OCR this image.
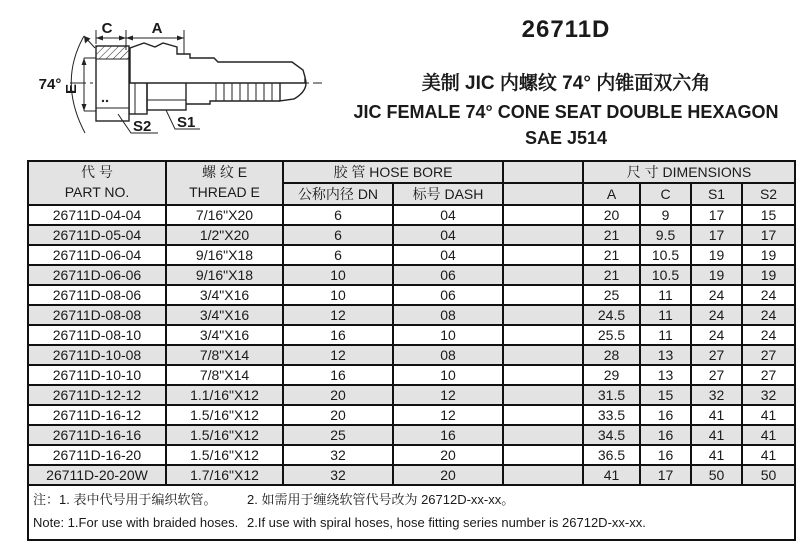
C	A
E
74°
S2 S1
26711D
美制 JIC 内螺纹 74° 内锥面双六角
JIC FEMALE 74° CONE SEAT DOUBLE HEXAGON
SAE J514
代 号
PART NO.

螺 纹 E
THREAD E
	胶 管 HOSE BORE		尺 寸 DIMENSIONS
		公称内径 DN	标号 DASH		A	C	S1	S2
26711D-04-04	7/16"X20	6	04		20	9	17	15
26711D-05-04	1/2"X20	6	04		21	9.5	17	17
26711D-06-04	9/16"X18	6	04		21	10.5	19	19
26711D-06-06	9/16"X18	10	06		21	10.5	19	19
26711D-08-06	3/4"X16	10	06		25	11	24	24
26711D-08-08	3/4"X16	12	08		24.5	11	24	24
26711D-08-10	3/4"X16	16	10		25.5	11	24	24
26711D-10-08	7/8"X14	12	08		28	13	27	27
26711D-10-10	7/8"X14	16	10		29	13	27	27
26711D-12-12	1.1/16"X12	20	12		31.5	15	32	32
26711D-16-12	1.5/16"X12	20	12		33.5	16	41	41
26711D-16-16	1.5/16"X12	25	16		34.5	16	41	41
26711D-16-20	1.5/16"X12	32	20		36.5	16	41	41
26711D-20-20W	1.7/16"X12	32	20		41	17	50	50

注：1. 表中代号用于编织软管。 2. 如需用于缠绕软管代号改为 26712D-xx-xx。
Note: 1.For use with braided hoses. 2.If use with spiral hoses, hose fitting series number is 26712D-xx-xx.								
